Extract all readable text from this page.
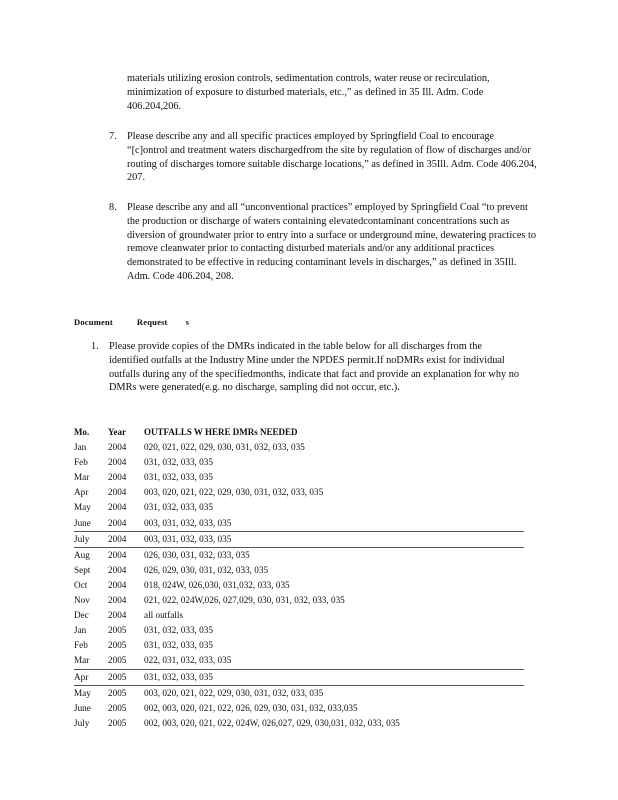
materials utilizing erosion controls, sedimentation controls, water reuse or recirculation, minimization of exposure to disturbed materials, etc.,” as defined in 35 Ill. Adm. Code 406.204,206.

7. Please describe any and all specific practices employed by Springfield Coal to encourage “[c]ontrol and treatment waters dischargedfrom the site by regulation of flow of discharges and/or routing of discharges tomore suitable discharge locations,” as defined in 35Ill. Adm. Code 406.204, 207.

8. Please describe any and all “unconventional practices” employed by Springfield Coal “to prevent the production or discharge of waters containing elevatedcontaminant concentrations such as diversion of groundwater prior to entry into a surface or underground mine, dewatering practices to remove cleanwater prior to contacting disturbed materials and/or any additional practices demonstrated to be effective in reducing contaminant levels in discharges,” as defined in 35Ill. Adm. Code 406.204, 208.

Document	Request s
1. Please provide copies of the DMRs indicated in the table below for all discharges from the identified outfalls at the Industry Mine under the NPDES permit.If noDMRs exist for individual outfalls during any of the specifiedmonths, indicate that fact and provide an explanation for why no DMRs were generated(e.g. no discharge, sampling did not occur, etc.).

Mo.	Year	OUTFALLS W HERE DMRs NEEDED
Jan	2004	020, 021, 022, 029, 030, 031, 032, 033, 035
Feb	2004	031, 032, 033, 035
Mar	2004	031, 032, 033, 035
Apr	2004	003, 020, 021, 022, 029, 030, 031, 032, 033, 035
May	2004	031, 032, 033, 035
June	2004	003, 031, 032, 033, 035
July	2004	003, 031, 032, 033, 035
Aug	2004	026, 030, 031, 032, 033, 035
Sept	2004	026, 029, 030, 031, 032, 033, 035
Oct	2004	018, 024W, 026,030, 031,032, 033, 035
Nov	2004	021, 022, 024W,026, 027,029, 030, 031, 032, 033, 035
Dec	2004	all outfalls
Jan	2005	031, 032, 033, 035
Feb	2005	031, 032, 033, 035
Mar	2005	022, 031, 032, 033, 035
Apr	2005	031, 032, 033, 035
May	2005	003, 020, 021, 022, 029, 030, 031, 032, 033, 035
June	2005	002, 003, 020, 021, 022, 026, 029, 030, 031, 032, 033,035
July	2005	002, 003, 020, 021, 022, 024W, 026,027, 029, 030,031, 032, 033, 035
